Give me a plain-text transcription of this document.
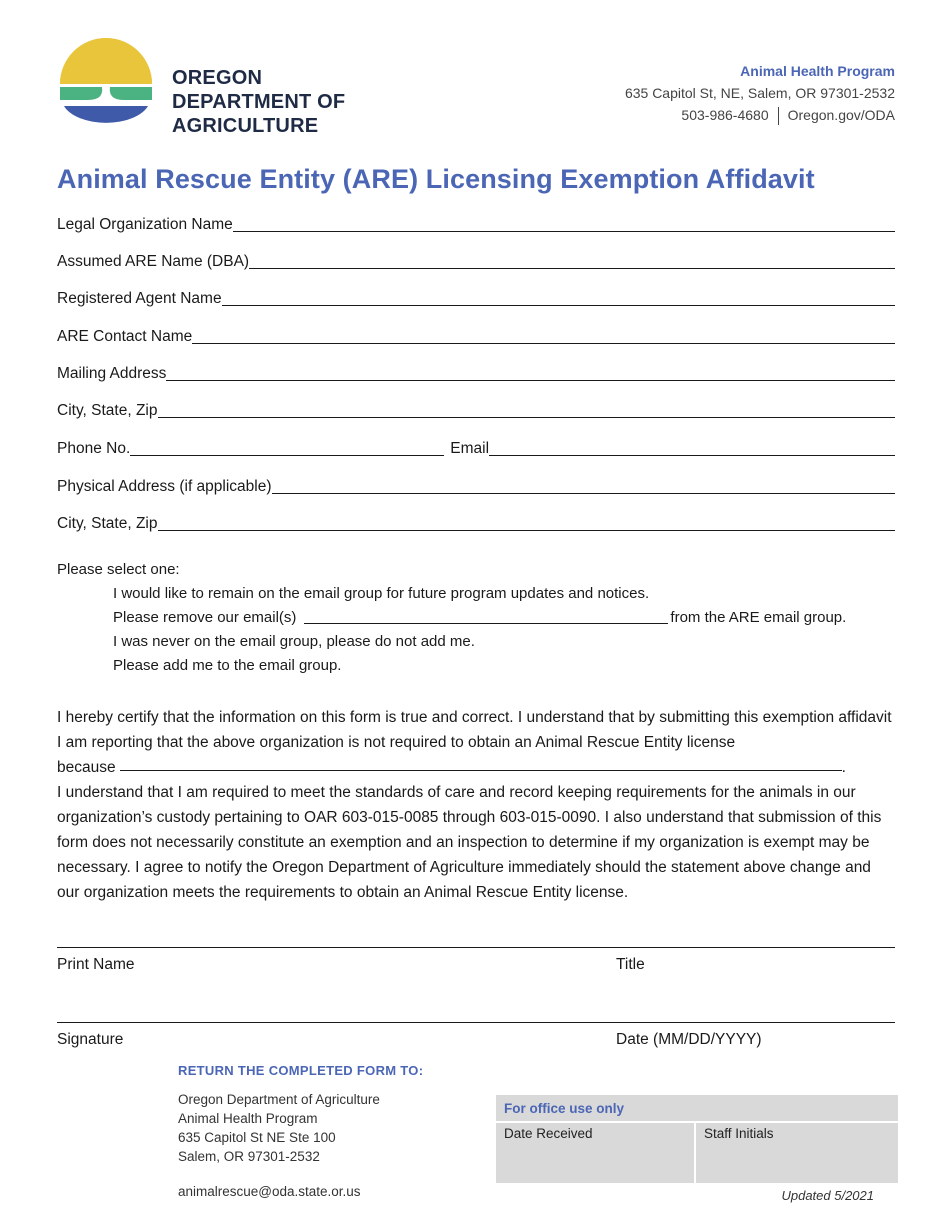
OREGON
DEPARTMENT OF
AGRICULTURE
Animal Health Program
635 Capitol St, NE, Salem, OR 97301-2532
503-986-4680 Oregon.gov/ODA
Animal Rescue Entity (ARE) Licensing Exemption Affidavit
Legal Organization Name
Assumed ARE Name (DBA)
Registered Agent Name
ARE Contact Name
Mailing Address
City, State, Zip
Phone No.	Email
Physical Address (if applicable)
City, State, Zip
Please select one:
I would like to remain on the email group for future program updates and notices.
Please remove our email(s)	from the ARE email group.
I was never on the email group, please do not add me.
Please add me to the email group.
I hereby certify that the information on this form is true and correct. I understand that by submitting this exemption affidavit I am reporting that the above organization is not required to obtain an Animal Rescue Entity license
because	.
I understand that I am required to meet the standards of care and record keeping requirements for the animals in our organization’s custody pertaining to OAR 603-015-0085 through 603-015-0090. I also understand that submission of this form does not necessarily constitute an exemption and an inspection to determine if my organization is exempt may be necessary. I agree to notify the Oregon Department of Agriculture immediately should the statement above change and our organization meets the requirements to obtain an Animal Rescue Entity license.
Print Name	Title
Signature	Date (MM/DD/YYYY)
RETURN THE COMPLETED FORM TO:
Oregon Department of Agriculture
Animal Health Program
635 Capitol St NE Ste 100
Salem, OR 97301-2532
animalrescue@oda.state.or.us
For office use only
Date Received	Staff Initials
Updated 5/2021
